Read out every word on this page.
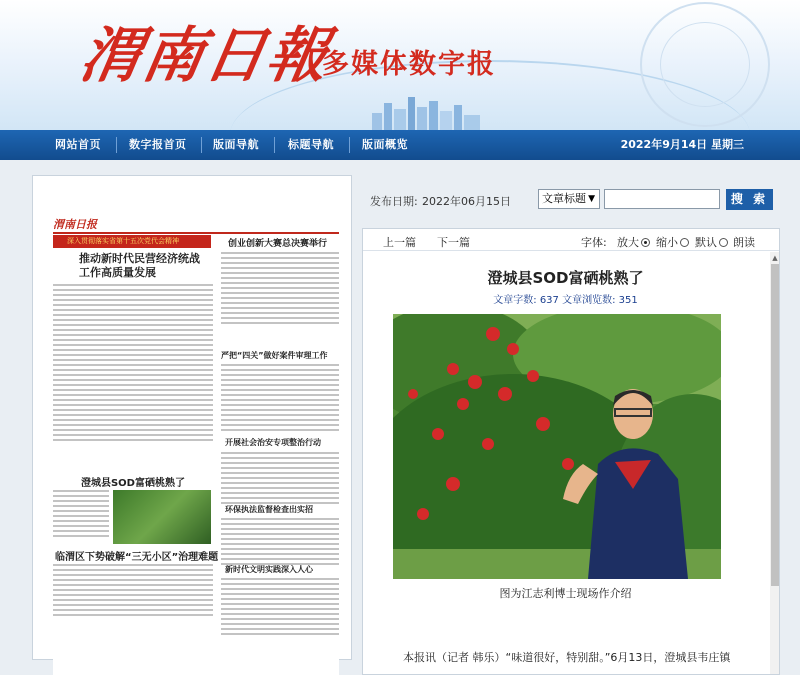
渭南日報
多媒体数字报
网站首页	数字报首页 版面导航	标题导航	版面概览	2022年9月14日 星期三
渭南日报
深入贯彻落实省第十五次党代会精神
推动新时代民营经济统战工作高质量发展
创业创新大赛总决赛举行
严把“四关”做好案件审理工作
开展社会治安专项整治行动
澄城县SOD富硒桃熟了
环保执法监督检查出实招
新时代文明实践深入人心
临渭区下势破解“三无小区”治理难题
发布日期: 2022年06月15日	文章标题 ▼	搜 索
上一篇 下一篇	字体: 放大	缩小	默认	朗读
澄城县SOD富硒桃熟了
文章字数: 637 文章浏览数: 351
图为江志利博士现场作介绍
本报讯（记者 韩乐）“味道很好，特别甜。”6月13日，澄城县韦庄镇
▲
